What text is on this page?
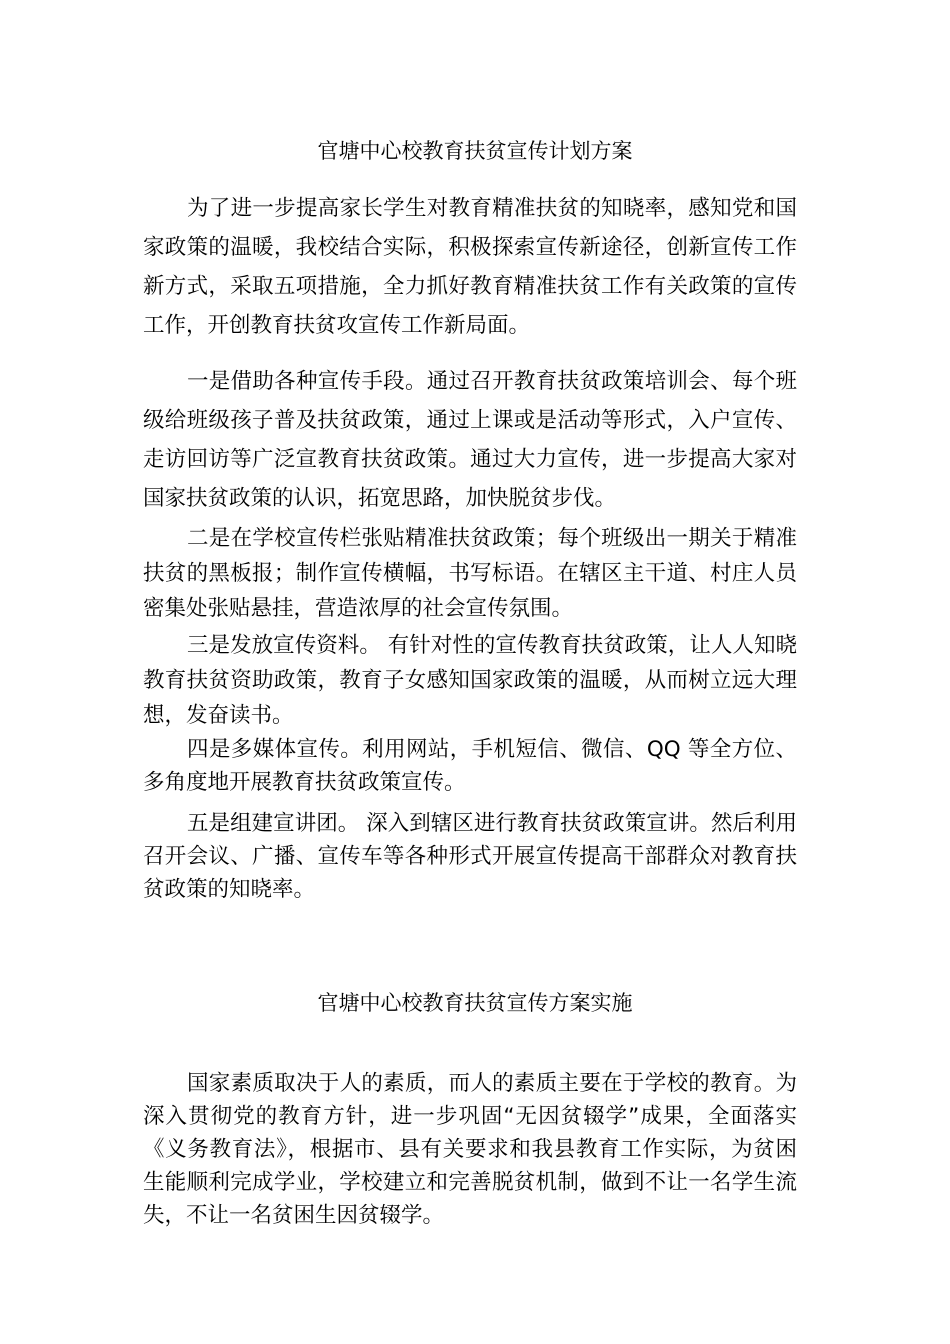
官塘中心校教育扶贫宣传计划方案

为了进一步提高家长学生对教育精准扶贫的知晓率，感知党和国家政策的温暖，我校结合实际，积极探索宣传新途径，创新宣传工作新方式，采取五项措施，全力抓好教育精准扶贫工作有关政策的宣传工作，开创教育扶贫攻宣传工作新局面。

一是借助各种宣传手段。通过召开教育扶贫政策培训会、每个班级给班级孩子普及扶贫政策，通过上课或是活动等形式，入户宣传、走访回访等广泛宣教育扶贫政策。通过大力宣传，进一步提高大家对国家扶贫政策的认识，拓宽思路，加快脱贫步伐。

二是在学校宣传栏张贴精准扶贫政策；每个班级出一期关于精准扶贫的黑板报；制作宣传横幅，书写标语。在辖区主干道、村庄人员密集处张贴悬挂，营造浓厚的社会宣传氛围。

三是发放宣传资料。 有针对性的宣传教育扶贫政策，让人人知晓教育扶贫资助政策，教育子女感知国家政策的温暖，从而树立远大理想，发奋读书。

四是多媒体宣传。利用网站，手机短信、微信、QQ 等全方位、多角度地开展教育扶贫政策宣传。

五是组建宣讲团。 深入到辖区进行教育扶贫政策宣讲。然后利用召开会议、广播、宣传车等各种形式开展宣传提高干部群众对教育扶贫政策的知晓率。

官塘中心校教育扶贫宣传方案实施

国家素质取决于人的素质，而人的素质主要在于学校的教育。为深入贯彻党的教育方针，进一步巩固“无因贫辍学”成果，全面落实《义务教育法》，根据市、县有关要求和我县教育工作实际，为贫困生能顺利完成学业，学校建立和完善脱贫机制，做到不让一名学生流失，不让一名贫困生因贫辍学。
